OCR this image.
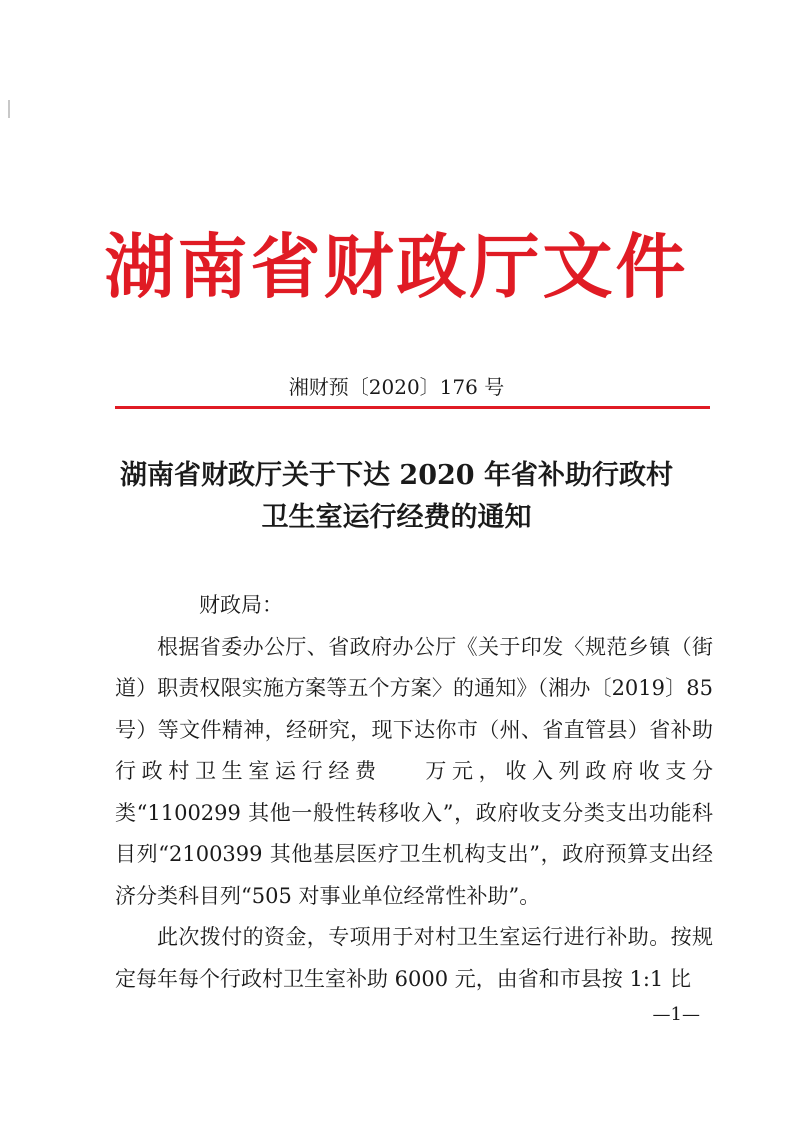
湖南省财政厅文件
湘财预〔2020〕176 号
湖南省财政厅关于下达 2020 年省补助行政村
卫生室运行经费的通知

财政局：

根据省委办公厅、省政府办公厅《关于印发〈规范乡镇（街道）职责权限实施方案等五个方案〉的通知》（湘办〔2019〕85 号）等文件精神，经研究，现下达你市（州、省直管县）省补助行政村卫生室运行经费 万元，收入列政府收支分类“1100299 其他一般性转移收入”，政府收支分类支出功能科目列“2100399 其他基层医疗卫生机构支出”，政府预算支出经济分类科目列“505 对事业单位经常性补助”。

此次拨付的资金，专项用于对村卫生室运行进行补助。按规定每年每个行政村卫生室补助 6000 元，由省和市县按 1:1 比

—1—
